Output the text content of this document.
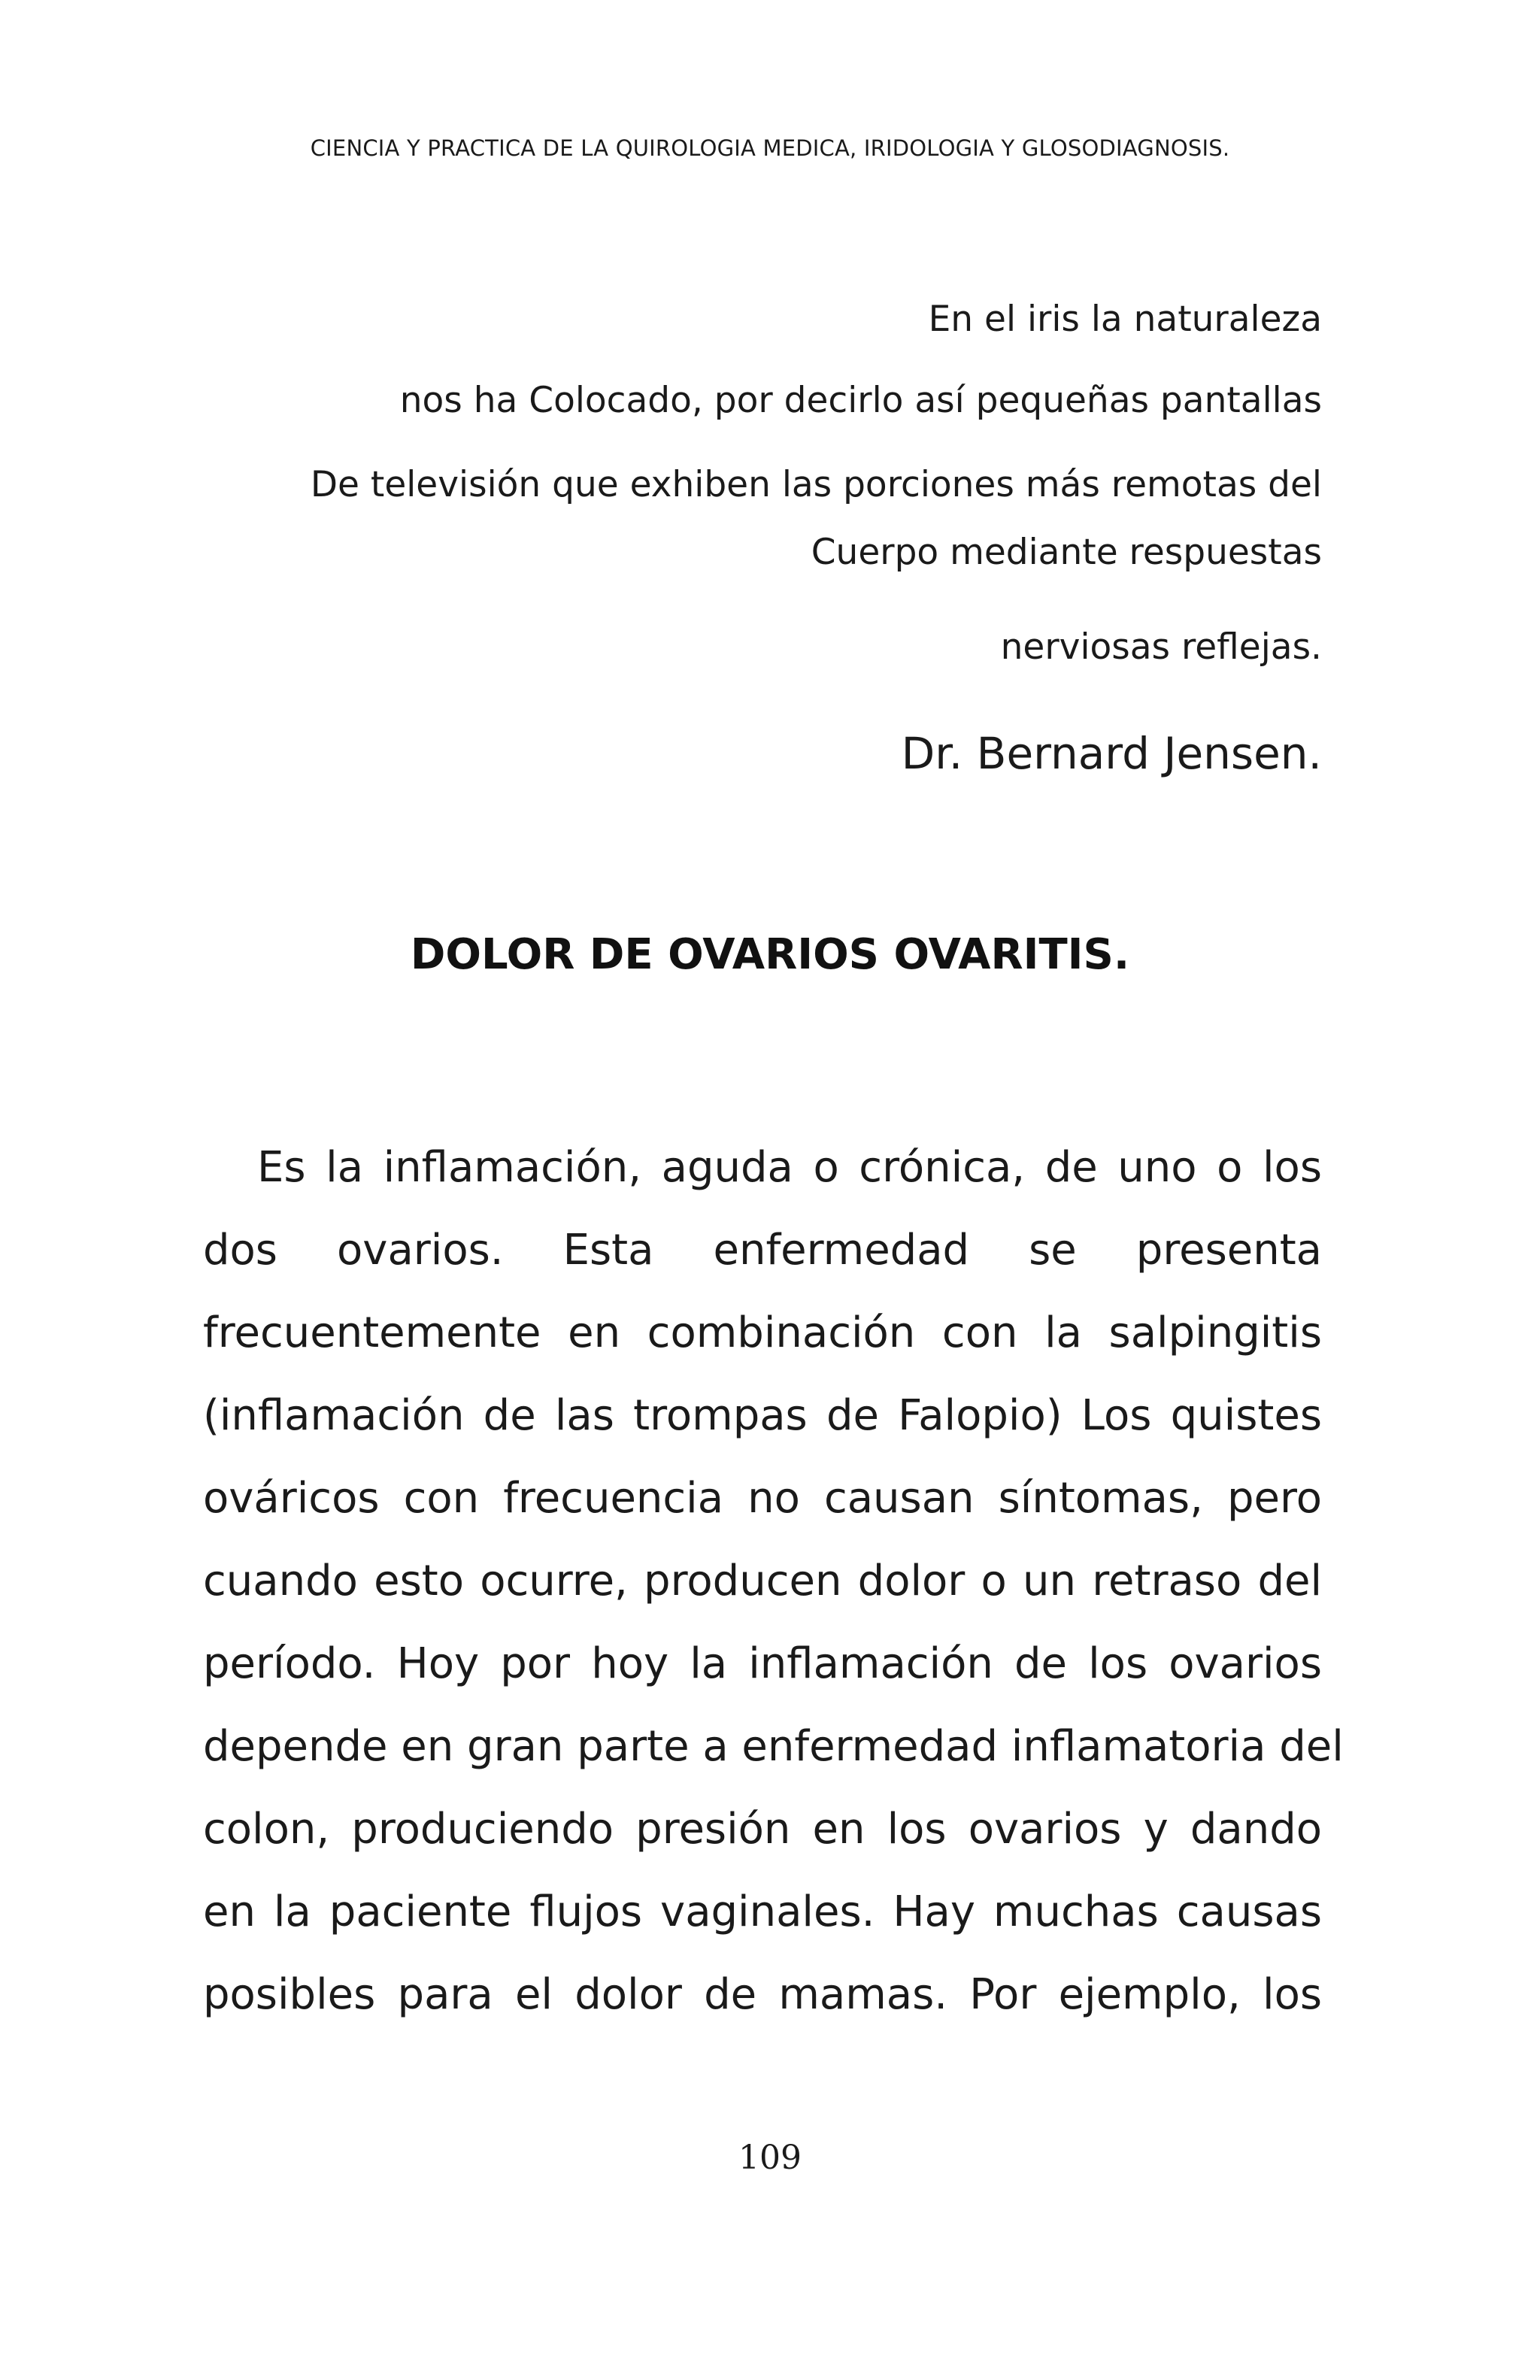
CIENCIA Y PRACTICA DE LA QUIROLOGIA MEDICA, IRIDOLOGIA Y GLOSODIAGNOSIS.
En el iris la naturaleza
nos ha Colocado, por decirlo así pequeñas pantallas
De televisión que exhiben las porciones más remotas del
Cuerpo mediante respuestas
nerviosas reflejas.
Dr. Bernard Jensen.
DOLOR DE OVARIOS OVARITIS.
Es la inflamación, aguda o crónica, de uno o los
dos ovarios. Esta enfermedad se presenta
frecuentemente en combinación con la salpingitis
(inflamación de las trompas de Falopio) Los quistes
ováricos con frecuencia no causan síntomas, pero
cuando esto ocurre, producen dolor o un retraso del
período. Hoy por hoy la inflamación de los ovarios
depende en gran parte a enfermedad inflamatoria del
colon, produciendo presión en los ovarios y dando
en la paciente flujos vaginales. Hay muchas causas
posibles para el dolor de mamas. Por ejemplo, los
109
